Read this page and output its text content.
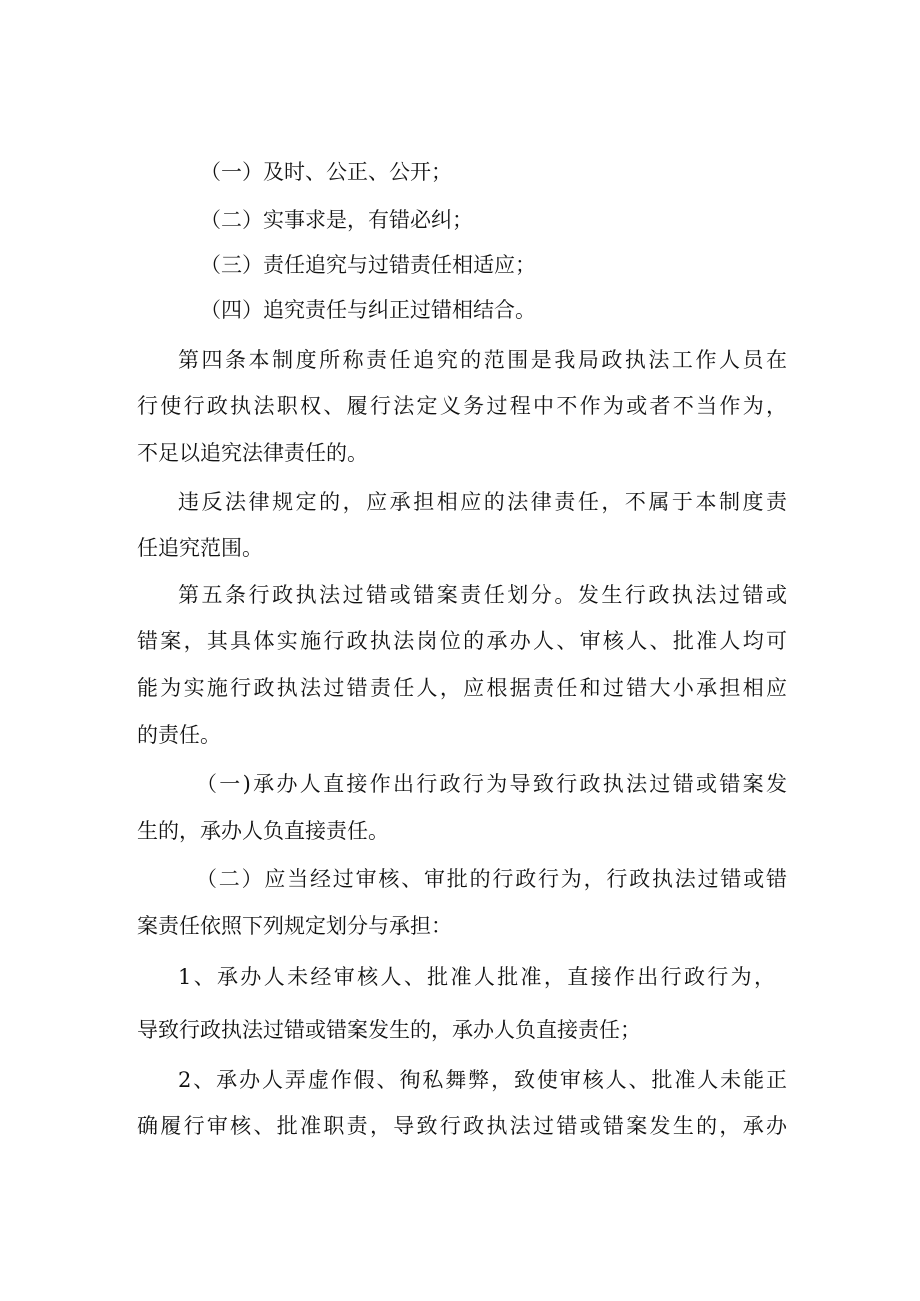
（一）及时、公正、公开；
（二）实事求是，有错必纠；
（三）责任追究与过错责任相适应；
（四）追究责任与纠正过错相结合。
第四条本制度所称责任追究的范围是我局政执法工作人员在
行使行政执法职权、履行法定义务过程中不作为或者不当作为，
不足以追究法律责任的。
违反法律规定的，应承担相应的法律责任，不属于本制度责
任追究范围。
第五条行政执法过错或错案责任划分。发生行政执法过错或
错案，其具体实施行政执法岗位的承办人、审核人、批准人均可
能为实施行政执法过错责任人，应根据责任和过错大小承担相应
的责任。
（一)承办人直接作出行政行为导致行政执法过错或错案发
生的，承办人负直接责任。
（二）应当经过审核、审批的行政行为，行政执法过错或错
案责任依照下列规定划分与承担：
1、承办人未经审核人、批准人批准，直接作出行政行为，
导致行政执法过错或错案发生的，承办人负直接责任；
2、承办人弄虚作假、徇私舞弊，致使审核人、批准人未能正
确履行审核、批准职责，导致行政执法过错或错案发生的，承办
